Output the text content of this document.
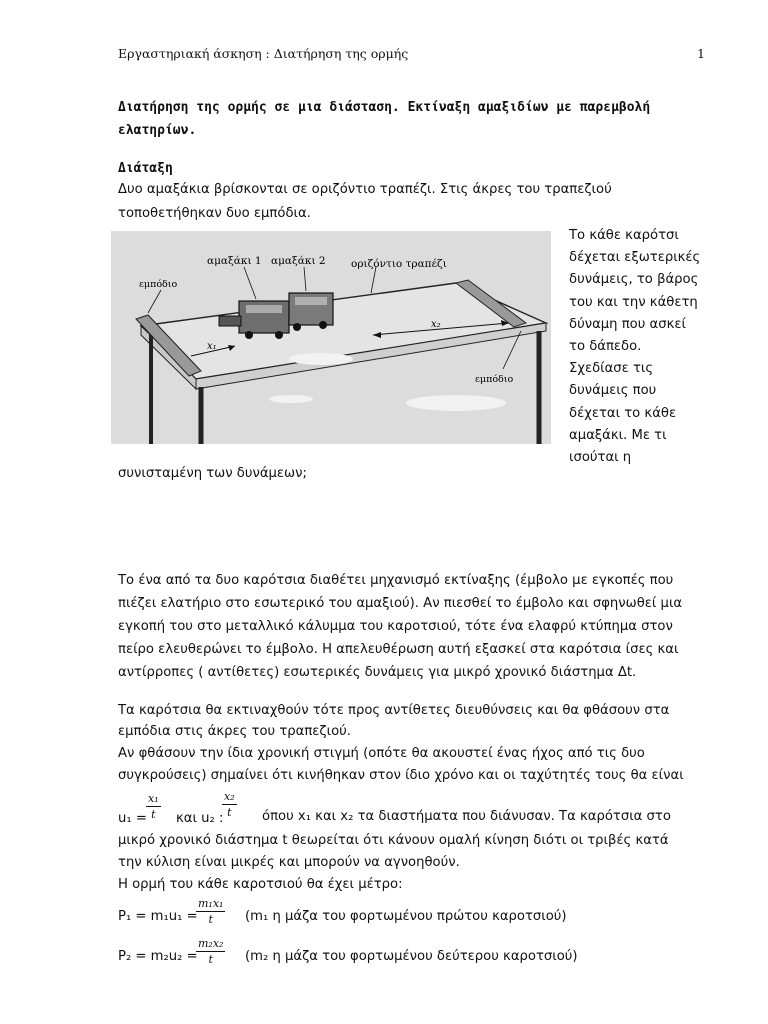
Εργαστηριακή άσκηση : Διατήρηση της ορμής	1
Διατήρηση της ορμής σε μια διάσταση. Εκτίναξη αμαξιδίων με παρεμβολή ελατηρίων.
Διάταξη
Δυο αμαξάκια βρίσκονται σε οριζόντιο τραπέζι. Στις άκρες του τραπεζιού
τοποθετήθηκαν δυο εμπόδια.
αμαξάκι 1 αμαξάκι 2 οριζόντιο τραπέζι
εμπόδιο
εμπόδιο
x₁
x₂
Το κάθε καρότσι
δέχεται εξωτερικές
δυνάμεις, το βάρος
του και την κάθετη
δύναμη που ασκεί
το δάπεδο.
Σχεδίασε τις
δυνάμεις που
δέχεται το κάθε
αμαξάκι. Με τι
ισούται η
συνισταμένη των δυνάμεων;
Το ένα από τα δυο καρότσια διαθέτει μηχανισμό εκτίναξης (έμβολο με εγκοπές που
πιέζει ελατήριο στο εσωτερικό του αμαξιού). Αν πιεσθεί το έμβολο και σφηνωθεί μια
εγκοπή του στο μεταλλικό κάλυμμα του καροτσιού, τότε ένα ελαφρύ κτύπημα στον
πείρο ελευθερώνει το έμβολο. Η απελευθέρωση αυτή εξασκεί στα καρότσια ίσες και
αντίρροπες ( αντίθετες) εσωτερικές δυνάμεις για μικρό χρονικό διάστημα Δt.
Τα καρότσια θα εκτιναχθούν τότε προς αντίθετες διευθύνσεις και θα φθάσουν στα
εμπόδια στις άκρες του τραπεζιού.
Αν φθάσουν την ίδια χρονική στιγμή (οπότε θα ακουστεί ένας ήχος από τις δυο
συγκρούσεις) σημαίνει ότι κινήθηκαν στον ίδιο χρόνο και οι ταχύτητές τους θα είναι
$u_1 = \frac{\text{x₁}}{t}$ και u₂ :
$\frac{\text{x₂}}{t}$ όπου x₁ και x₂ τα διαστήματα που διάνυσαν. Τα καρότσια στο
μικρό χρονικό διάστημα t θεωρείται ότι κάνουν ομαλή κίνηση διότι οι τριβές κατά
την κύλιση είναι μικρές και μπορούν να αγνοηθούν.
Η ορμή του κάθε καροτσιού θα έχει μέτρο:
P₁ = m₁u₁ =
$\frac{\text{m₁x₁}}{t} (m_1$ η μάζα του φορτωμένου πρώτου καροτσιού)
P₂ = m₂u₂ =
$\frac{\text{m₂x₂}}{t} (m_2$ η μάζα του φορτωμένου δεύτερου καροτσιού)
